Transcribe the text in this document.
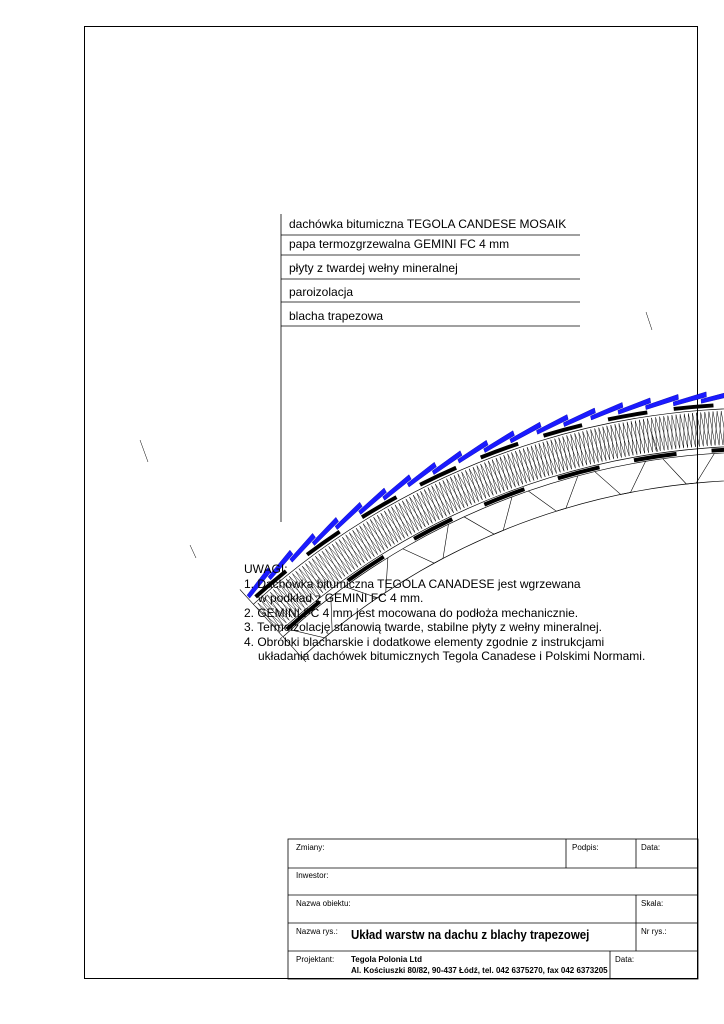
dachówka bitumiczna TEGOLA CANDESE MOSAIK
papa termozgrzewalna GEMINI FC 4 mm
płyty z twardej wełny mineralnej
paroizolacja
blacha trapezowa
UWAGI:
1. Dachówka bitumiczna TEGOLA CANADESE jest wgrzewana
w podkład z GEMINI FC 4 mm.
2. GEMINI FC 4 mm jest mocowana do podłoża mechanicznie.
3. Termoizolację stanowią twarde, stabilne płyty z wełny mineralnej.
4. Obróbki blacharskie i dodatkowe elementy zgodnie z instrukcjami
układania dachówek bitumicznych Tegola Canadese i Polskimi Normami.
Zmiany:	Podpis:	Data:
Inwestor:
Nazwa obiektu:	Skala:
Nazwa rys.: Układ warstw na dachu z blachy trapezowej	Nr rys.:
Projektant: Tegola Polonia Ltd
Al. Kościuszki 80/82, 90-437 Łódź, tel. 042 6375270, fax 042 6373205
Data:
